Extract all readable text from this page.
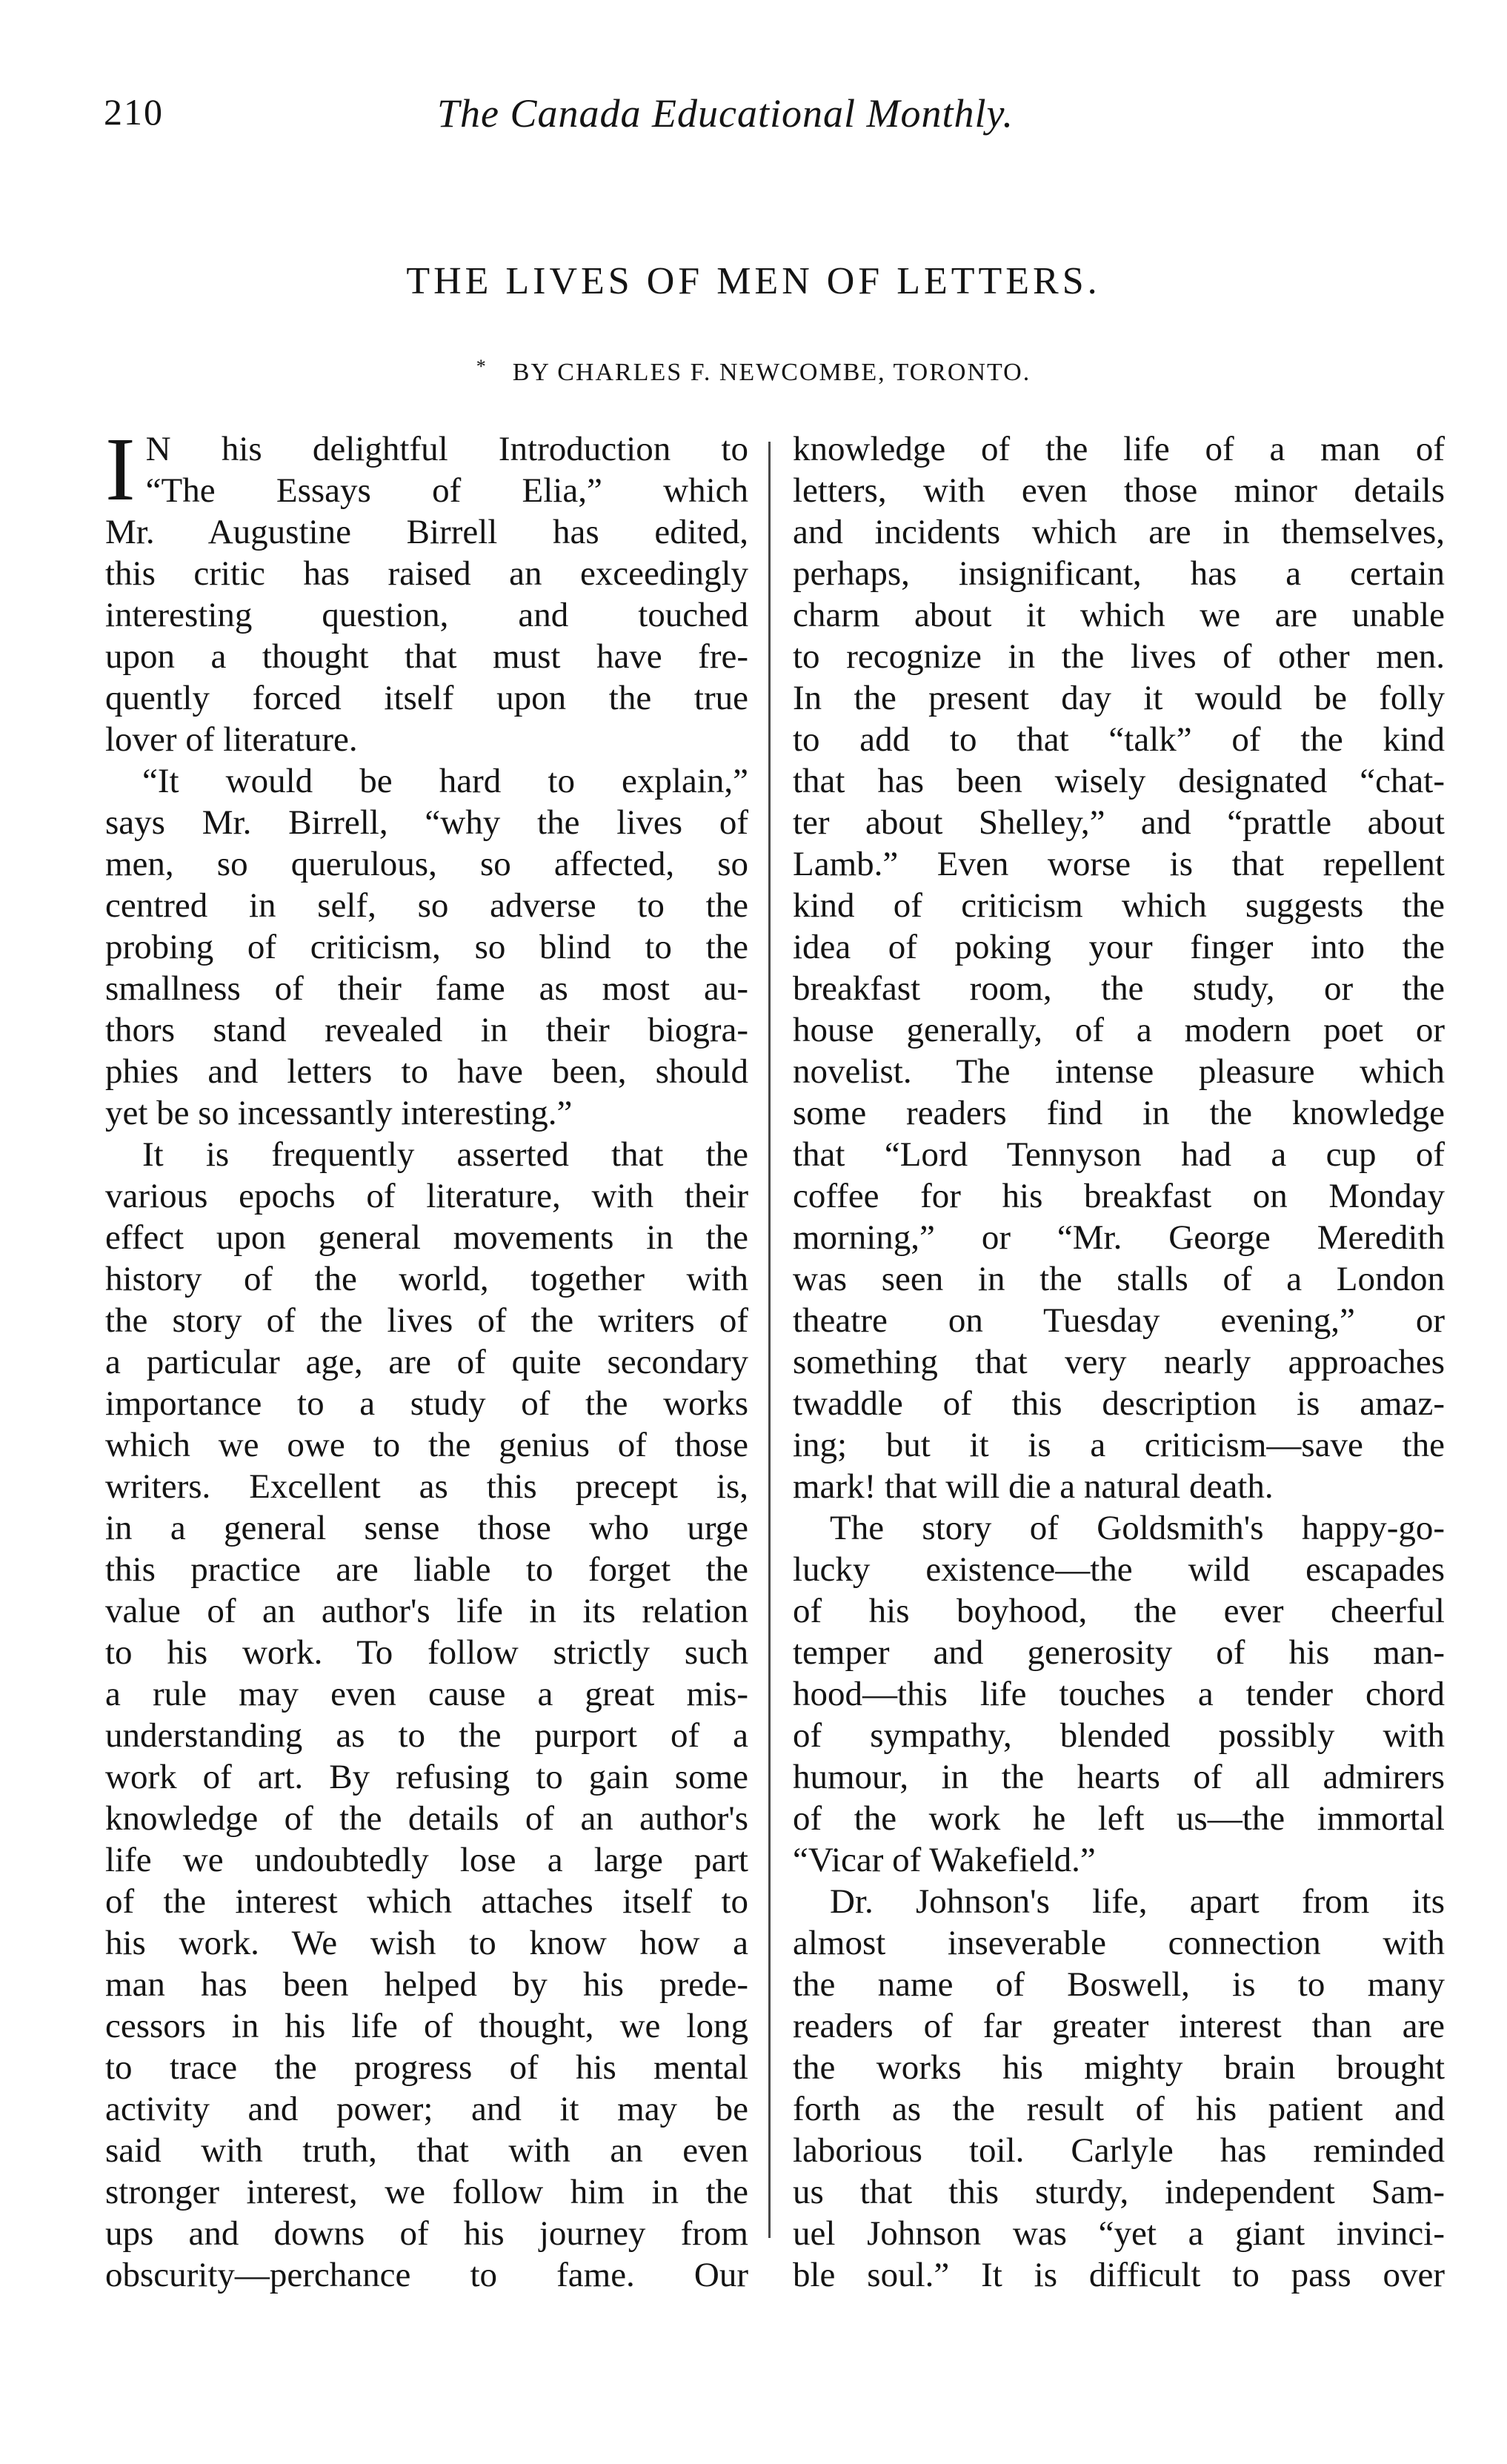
210	The Canada Educational Monthly.
THE LIVES OF MEN OF LETTERS.
* BY CHARLES F. NEWCOMBE, TORONTO.
I N his delightful Introduction to
“The Essays of Elia,” which
Mr. Augustine Birrell has edited,
this critic has raised an exceedingly
interesting question, and touched
upon a thought that must have fre-
quently forced itself upon the true
lover of literature.
“It would be hard to explain,”
says Mr. Birrell, “why the lives of
men, so querulous, so affected, so
centred in self, so adverse to the
probing of criticism, so blind to the
smallness of their fame as most au-
thors stand revealed in their biogra-
phies and letters to have been, should
yet be so incessantly interesting.”
It is frequently asserted that the
various epochs of literature, with their
effect upon general movements in the
history of the world, together with
the story of the lives of the writers of
a particular age, are of quite secondary
importance to a study of the works
which we owe to the genius of those
writers. Excellent as this precept is,
in a general sense those who urge
this practice are liable to forget the
value of an author's life in its relation
to his work. To follow strictly such
a rule may even cause a great mis-
understanding as to the purport of a
work of art. By refusing to gain some
knowledge of the details of an author's
life we undoubtedly lose a large part
of the interest which attaches itself to
his work. We wish to know how a
man has been helped by his prede-
cessors in his life of thought, we long
to trace the progress of his mental
activity and power; and it may be
said with truth, that with an even
stronger interest, we follow him in the
ups and downs of his journey from
obscurity—perchance to fame. Our
knowledge of the life of a man of
letters, with even those minor details
and incidents which are in themselves,
perhaps, insignificant, has a certain
charm about it which we are unable
to recognize in the lives of other men.
In the present day it would be folly
to add to that “talk” of the kind
that has been wisely designated “chat-
ter about Shelley,” and “prattle about
Lamb.” Even worse is that repellent
kind of criticism which suggests the
idea of poking your finger into the
breakfast room, the study, or the
house generally, of a modern poet or
novelist. The intense pleasure which
some readers find in the knowledge
that “Lord Tennyson had a cup of
coffee for his breakfast on Monday
morning,” or “Mr. George Meredith
was seen in the stalls of a London
theatre on Tuesday evening,” or
something that very nearly approaches
twaddle of this description is amaz-
ing; but it is a criticism—save the
mark! that will die a natural death.
The story of Goldsmith's happy-go-
lucky existence—the wild escapades
of his boyhood, the ever cheerful
temper and generosity of his man-
hood—this life touches a tender chord
of sympathy, blended possibly with
humour, in the hearts of all admirers
of the work he left us—the immortal
“Vicar of Wakefield.”
Dr. Johnson's life, apart from its
almost inseverable connection with
the name of Boswell, is to many
readers of far greater interest than are
the works his mighty brain brought
forth as the result of his patient and
laborious toil. Carlyle has reminded
us that this sturdy, independent Sam-
uel Johnson was “yet a giant invinci-
ble soul.” It is difficult to pass over
